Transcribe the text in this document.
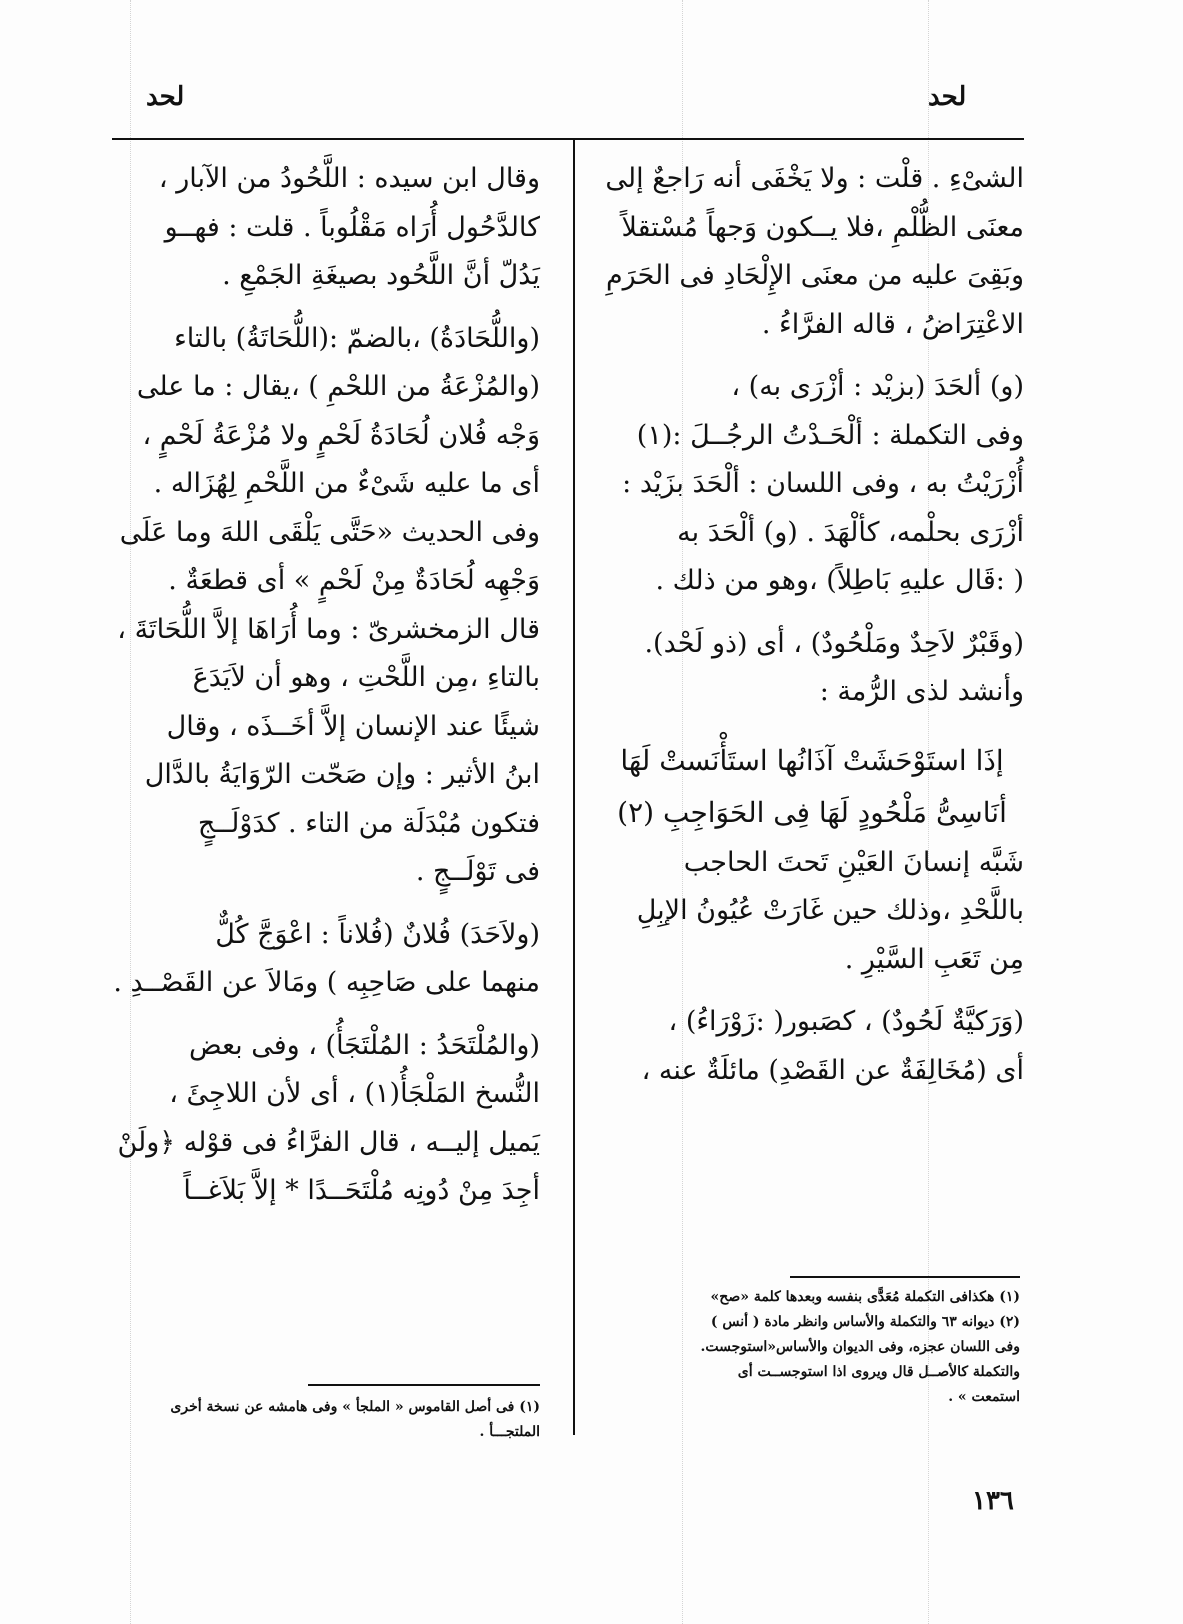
لحد	لحد

الشىْءِ . قلْت : ولا يَخْفَى أنه رَاجعٌ إلى
معنَى الظُّلْمِ ،فلا يــكون وَجهاً مُسْتقلاً
وبَقِىَ عليه من معنَى الإِلْحَادِ فى الحَرَمِ
الاعْتِرَاضُ ، قاله الفرَّاءُ .

(و) ألحَدَ (بزيْد : أزْرَى به) ،
وفى التكملة : ألْحَـدْتُ الرجُــلَ :(١)
أُزْرَيْتُ به ، وفى اللسان : ألْحَدَ بزَيْد :
أزْرَى بحلْمه، كألْهَدَ . (و) ألْحَدَ به
( :قَال عليهِ بَاطِلاً) ،وهو من ذلك .

(وقَبْرٌ لاَحِدٌ ومَلْحُودٌ) ، أى (ذو لَحْد).
وأنشد لذى الرُّمة :

إذَا استَوْحَشَتْ آذَانُها استَأْنَستْ لَهَا
أنَاسِىُّ مَلْحُودٍ لَهَا فِى الحَوَاجِبِ (٢)

شَبَّه إنسانَ العَيْنِ تَحتَ الحاجب
باللَّحْدِ ،وذلك حين غَارَتْ عُيُونُ الإبِلِ
مِن تَعَبِ السَّيْرِ .

(وَرَكيَّةٌ لَحُودٌ) ، كصَبور( :زَوْرَاءُ) ،
أى (مُخَالِفَةٌ عن القَصْدِ) مائلَةٌ عنه ،

وقال ابن سيده : اللَّحُودُ من الآبار ،
كالدَّحُول أُرَاه مَقْلُوباً . قلت : فهــو
يَدُلّ أنَّ اللَّحُود بصيغَةِ الجَمْعِ .

(واللُّحَادَةُ) ،بالضمّ :(اللُّحَاتَةُ) بالتاء
(والمُزْعَةُ من اللحْمِ ) ،يقال : ما على
وَجْه فُلان لُحَادَةُ لَحْمٍ ولا مُزْعَةُ لَحْمٍ ،
أى ما عليه شَىْءٌ من اللَّحْمِ لِهُزَاله .
وفى الحديث «حَتَّى يَلْقَى اللهَ وما عَلَى
وَجْهِه لُحَادَةٌ مِنْ لَحْمٍ » أى قطعَةٌ .
قال الزمخشرىّ : وما أُرَاهَا إلاَّ اللُّحَاتَةَ ،
بالتاءِ ،مِن اللَّحْتِ ، وهو أن لاَيَدَعَ
شيئًا عند الإنسان إلاَّ أخَــذَه ، وقال
ابنُ الأثير : وإن صَحّت الرّوَايَةُ بالدَّال
فتكون مُبْدَلَة من التاء . كدَوْلَــجٍ
فى تَوْلَــجٍ .

(ولاَحَدَ) فُلانٌ (فُلاناً : اعْوَجَّ كُلٌّ
منهما على صَاحِبِه ) ومَالاَ عن القَصْــدِ .

(والمُلْتَحَدُ : المُلْتَجَأُ) ، وفى بعض
النُّسخ المَلْجَأُ(١) ، أى لأن اللاجِئَ ،
يَميل إليــه ، قال الفرَّاءُ فى قوْله ﴿ولَنْ
أجِدَ مِنْ دُونِه مُلْتَحَــدًا * إلاَّ بَلاَغــاً

(١) هكذافى التكملة مُعَدًّى بنفسه وبعدها كلمة «صح»
(٢) ديوانه ٦٣ والتكملة والأساس وانظر مادة ( أنس )
وفى اللسان عجزه، وفى الديوان والأساس«استوجست.
والتكملة كالأصــل قال ويروى اذا استوجســت أى
استمعت » .
(١) فى أصل القاموس « الملجأ » وفى هامشه عن نسخة أخرى
الملتجـــأ .
١٣٦
